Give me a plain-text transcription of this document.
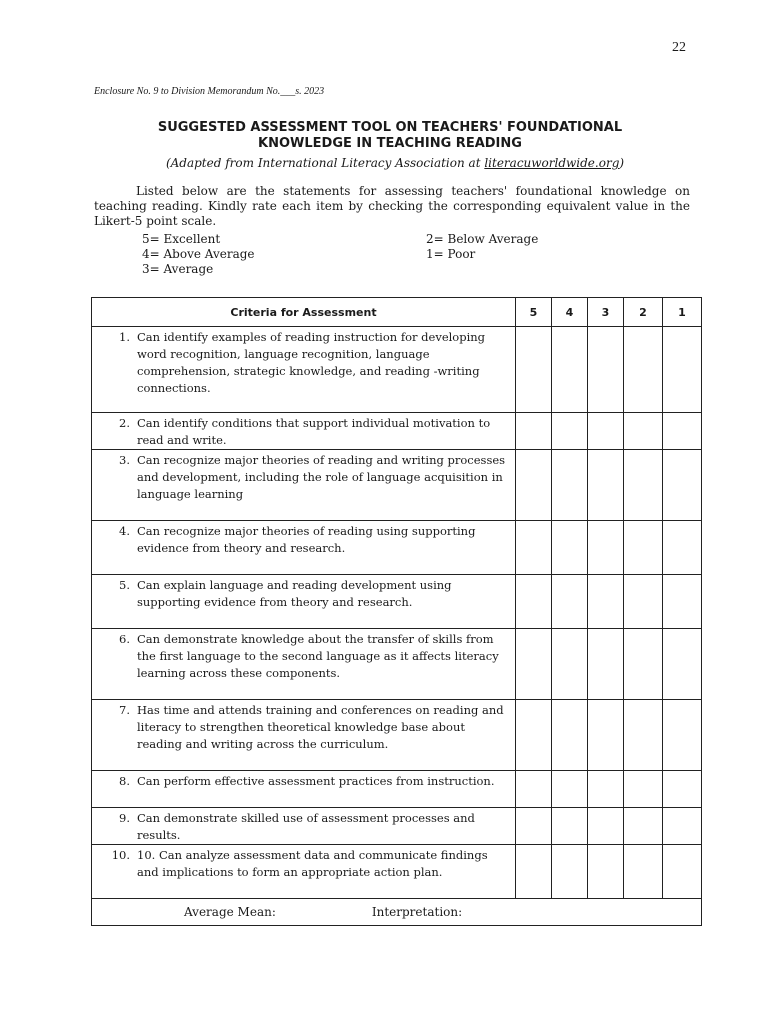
22
Enclosure No. 9 to Division Memorandum No.___s. 2023
SUGGESTED ASSESSMENT TOOL ON TEACHERS' FOUNDATIONAL
KNOWLEDGE IN TEACHING READING
(Adapted from International Literacy Association at literacuworldwide.org)
Listed below are the statements for assessing teachers' foundational knowledge on teaching reading. Kindly rate each item by checking the corresponding equivalent value in the Likert-5 point scale.
5= Excellent
4= Above Average
3= Average
2= Below Average
1= Poor
Criteria for Assessment	5	4	3	2	1

1. Can identify examples of reading instruction for developing word recognition, language recognition, language comprehension, strategic knowledge, and reading -writing connections.					

2. Can identify conditions that support individual motivation to read and write.					

3. Can recognize major theories of reading and writing processes and development, including the role of language acquisition in language learning					

4. Can recognize major theories of reading using supporting evidence from theory and research.					

5. Can explain language and reading development using supporting evidence from theory and research.					

6. Can demonstrate knowledge about the transfer of skills from the first language to the second language as it affects literacy learning across these components.					

7. Has time and attends training and conferences on reading and literacy to strengthen theoretical knowledge base about reading and writing across the curriculum.					

8. Can perform effective assessment practices from instruction.					

9. Can demonstrate skilled use of assessment processes and results.					

10. 10. Can analyze assessment data and communicate findings and implications to form an appropriate action plan.					

Average Mean: Interpretation:					
